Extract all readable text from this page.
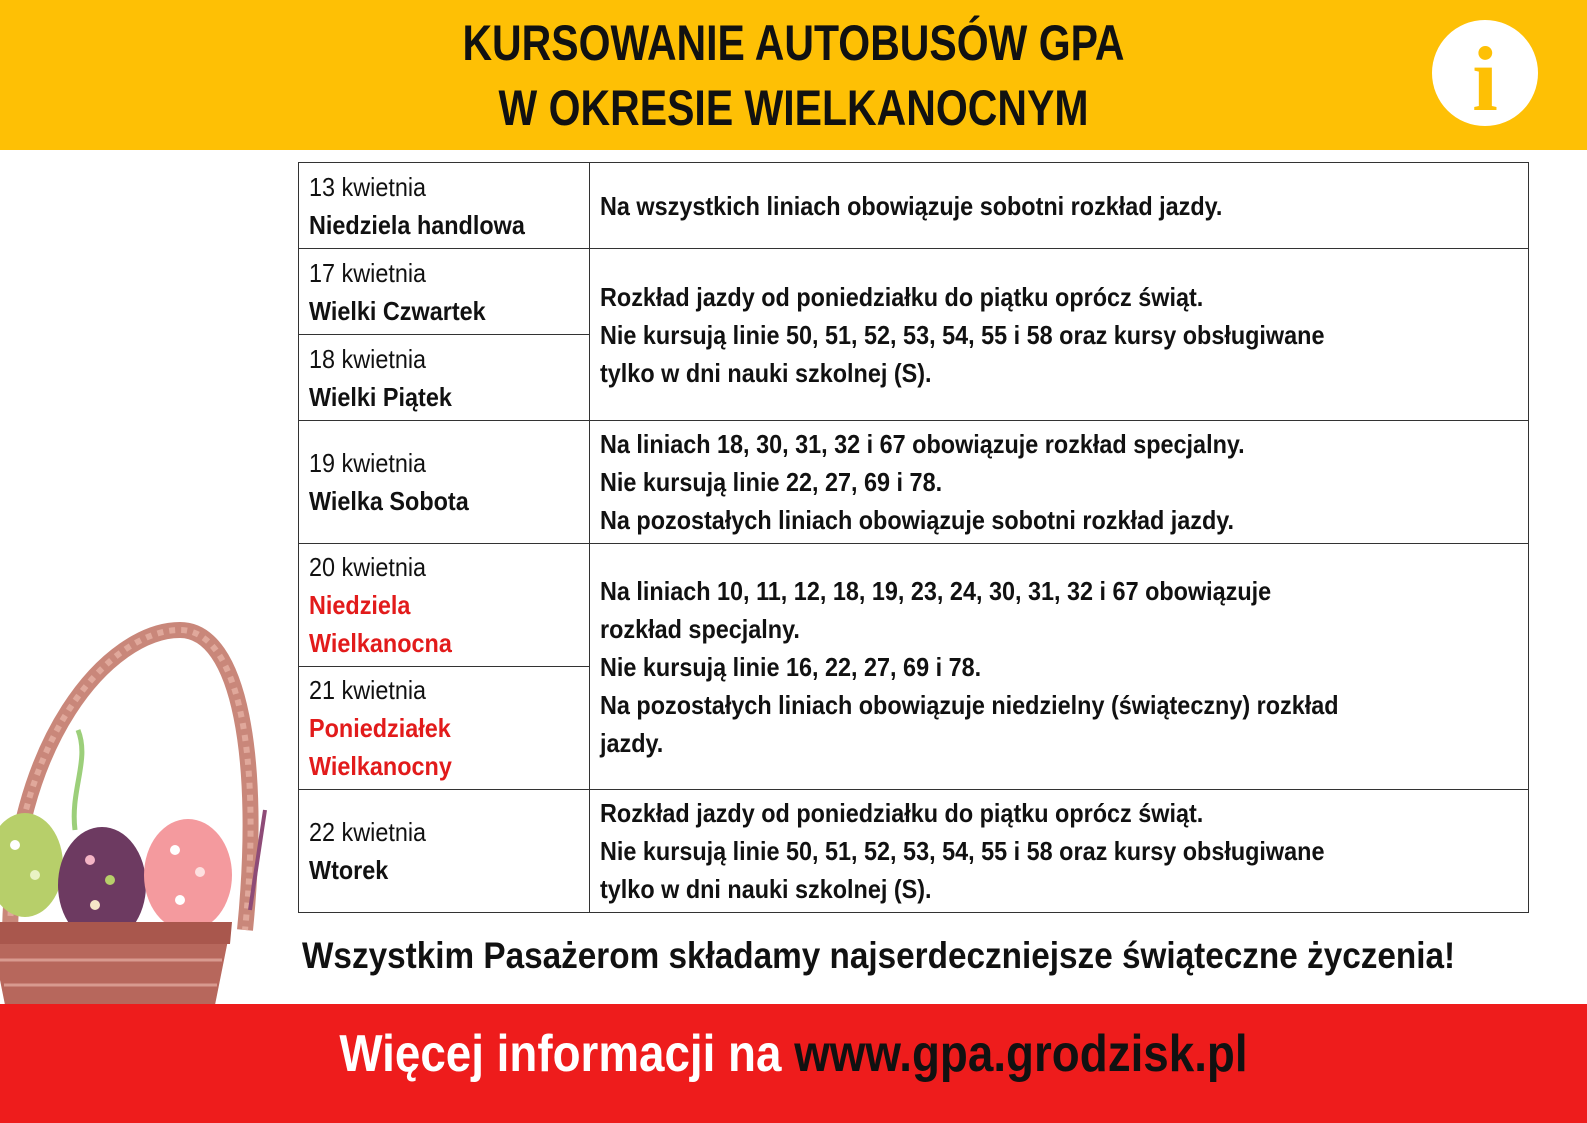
KURSOWANIE AUTOBUSÓW GPA
W OKRESIE WIELKANOCNYM	i
13 kwietnia
Niedziela handlowa	Na wszystkich liniach obowiązuje sobotni rozkład jazdy.

17 kwietnia
Wielki Czwartek	Rozkład jazdy od poniedziałku do piątku oprócz świąt.
Nie kursują linie 50, 51, 52, 53, 54, 55 i 58 oraz kursy obsługiwane
tylko w dni nauki szkolnej (S).

18 kwietnia
Wielki Piątek	

19 kwietnia
Wielka Sobota	Na liniach 18, 30, 31, 32 i 67 obowiązuje rozkład specjalny.
Nie kursują linie 22, 27, 69 i 78.
Na pozostałych liniach obowiązuje sobotni rozkład jazdy.

20 kwietnia
Niedziela
Wielkanocna	Na liniach 10, 11, 12, 18, 19, 23, 24, 30, 31, 32 i 67 obowiązuje
rozkład specjalny.
Nie kursują linie 16, 22, 27, 69 i 78.
Na pozostałych liniach obowiązuje niedzielny (świąteczny) rozkład
jazdy.

21 kwietnia
Poniedziałek
Wielkanocny	

22 kwietnia
Wtorek	Rozkład jazdy od poniedziałku do piątku oprócz świąt.
Nie kursują linie 50, 51, 52, 53, 54, 55 i 58 oraz kursy obsługiwane
tylko w dni nauki szkolnej (S).
Wszystkim Pasażerom składamy najserdeczniejsze świąteczne życzenia!
Więcej informacji na www.gpa.grodzisk.pl
